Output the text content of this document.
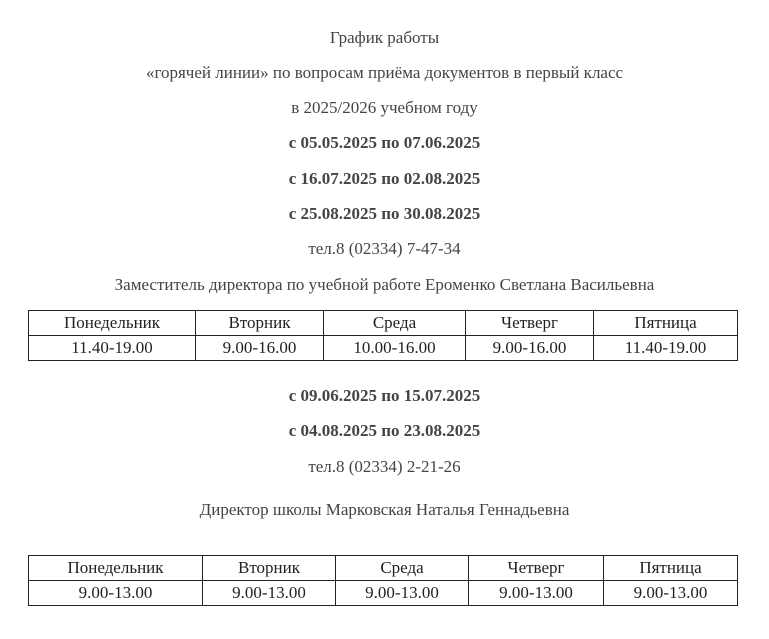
График работы
«горячей линии» по вопросам приёма документов в первый класс
в 2025/2026 учебном году
с 05.05.2025 по 07.06.2025
с 16.07.2025 по 02.08.2025
с 25.08.2025 по 30.08.2025
тел.8 (02334) 7-47-34
Заместитель директора по учебной работе Ероменко Светлана Васильевна
Понедельник	Вторник	Среда	Четверг	Пятница
11.40-19.00	9.00-16.00	10.00-16.00	9.00-16.00	11.40-19.00
с 09.06.2025 по 15.07.2025
с 04.08.2025 по 23.08.2025
тел.8 (02334) 2-21-26
Директор школы Марковская Наталья Геннадьевна
Понедельник	Вторник	Среда	Четверг	Пятница
9.00-13.00	9.00-13.00	9.00-13.00	9.00-13.00	9.00-13.00
